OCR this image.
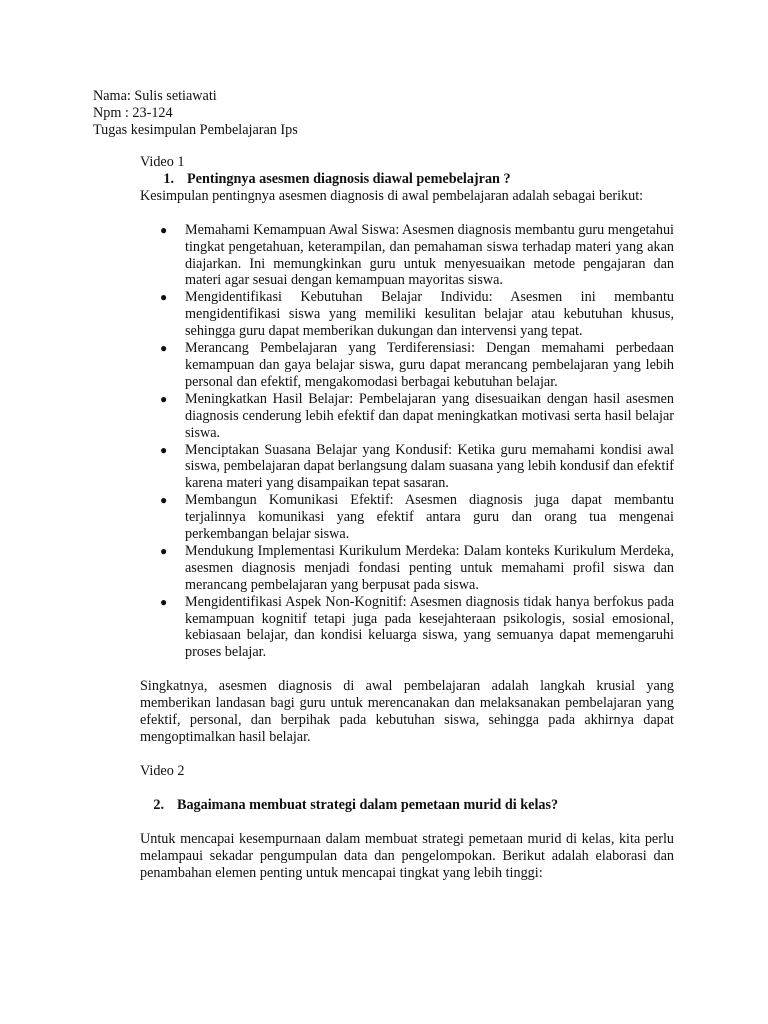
Nama: Sulis setiawati
Npm : 23-124
Tugas kesimpulan Pembelajaran Ips
Video 1
1. Pentingnya asesmen diagnosis diawal pemebelajran ?
Kesimpulan pentingnya asesmen diagnosis di awal pembelajaran adalah sebagai berikut:
● Memahami Kemampuan Awal Siswa: Asesmen diagnosis membantu guru mengetahui tingkat pengetahuan, keterampilan, dan pemahaman siswa terhadap materi yang akan diajarkan. Ini memungkinkan guru untuk menyesuaikan metode pengajaran dan materi agar sesuai dengan kemampuan mayoritas siswa.
● Mengidentifikasi Kebutuhan Belajar Individu: Asesmen ini membantu mengidentifikasi siswa yang memiliki kesulitan belajar atau kebutuhan khusus, sehingga guru dapat memberikan dukungan dan intervensi yang tepat.
● Merancang Pembelajaran yang Terdiferensiasi: Dengan memahami perbedaan kemampuan dan gaya belajar siswa, guru dapat merancang pembelajaran yang lebih personal dan efektif, mengakomodasi berbagai kebutuhan belajar.
● Meningkatkan Hasil Belajar: Pembelajaran yang disesuaikan dengan hasil asesmen diagnosis cenderung lebih efektif dan dapat meningkatkan motivasi serta hasil belajar siswa.
● Menciptakan Suasana Belajar yang Kondusif: Ketika guru memahami kondisi awal siswa, pembelajaran dapat berlangsung dalam suasana yang lebih kondusif dan efektif karena materi yang disampaikan tepat sasaran.
● Membangun Komunikasi Efektif: Asesmen diagnosis juga dapat membantu terjalinnya komunikasi yang efektif antara guru dan orang tua mengenai perkembangan belajar siswa.
● Mendukung Implementasi Kurikulum Merdeka: Dalam konteks Kurikulum Merdeka, asesmen diagnosis menjadi fondasi penting untuk memahami profil siswa dan merancang pembelajaran yang berpusat pada siswa.
● Mengidentifikasi Aspek Non-Kognitif: Asesmen diagnosis tidak hanya berfokus pada kemampuan kognitif tetapi juga pada kesejahteraan psikologis, sosial emosional, kebiasaan belajar, dan kondisi keluarga siswa, yang semuanya dapat memengaruhi proses belajar.
Singkatnya, asesmen diagnosis di awal pembelajaran adalah langkah krusial yang memberikan landasan bagi guru untuk merencanakan dan melaksanakan pembelajaran yang efektif, personal, dan berpihak pada kebutuhan siswa, sehingga pada akhirnya dapat mengoptimalkan hasil belajar.
Video 2
2. Bagaimana membuat strategi dalam pemetaan murid di kelas?
Untuk mencapai kesempurnaan dalam membuat strategi pemetaan murid di kelas, kita perlu melampaui sekadar pengumpulan data dan pengelompokan. Berikut adalah elaborasi dan penambahan elemen penting untuk mencapai tingkat yang lebih tinggi:
